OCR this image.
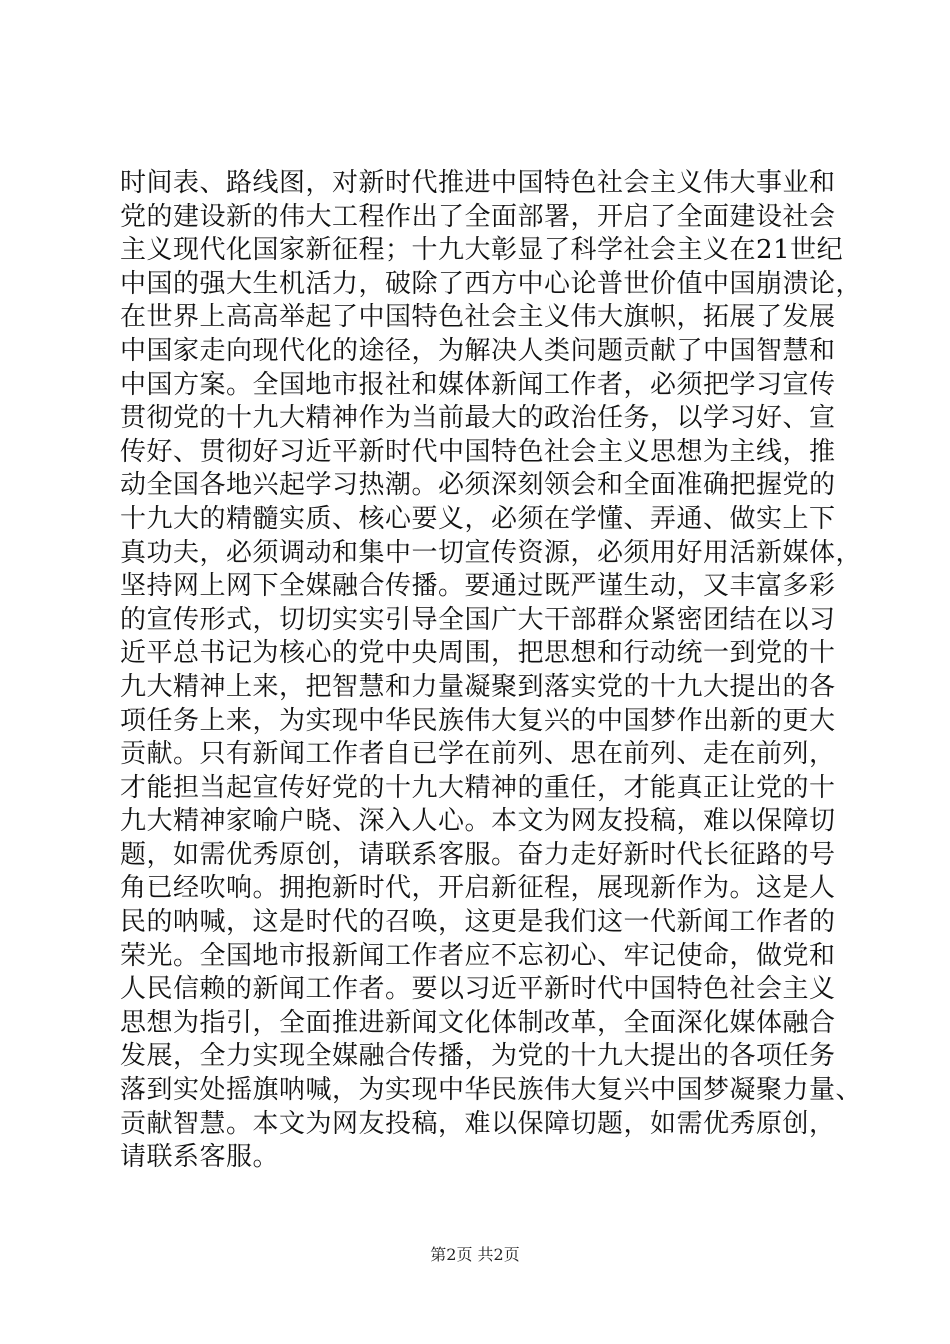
时间表、路线图，对新时代推进中国特色社会主义伟大事业和
党的建设新的伟大工程作出了全面部署，开启了全面建设社会
主义现代化国家新征程；十九大彰显了科学社会主义在21世纪
中国的强大生机活力，破除了西方中心论普世价值中国崩溃论，
在世界上高高举起了中国特色社会主义伟大旗帜，拓展了发展
中国家走向现代化的途径，为解决人类问题贡献了中国智慧和
中国方案。全国地市报社和媒体新闻工作者，必须把学习宣传
贯彻党的十九大精神作为当前最大的政治任务，以学习好、宣
传好、贯彻好习近平新时代中国特色社会主义思想为主线，推
动全国各地兴起学习热潮。必须深刻领会和全面准确把握党的
十九大的精髓实质、核心要义，必须在学懂、弄通、做实上下
真功夫，必须调动和集中一切宣传资源，必须用好用活新媒体，
坚持网上网下全媒融合传播。要通过既严谨生动，又丰富多彩
的宣传形式，切切实实引导全国广大干部群众紧密团结在以习
近平总书记为核心的党中央周围，把思想和行动统一到党的十
九大精神上来，把智慧和力量凝聚到落实党的十九大提出的各
项任务上来，为实现中华民族伟大复兴的中国梦作出新的更大
贡献。只有新闻工作者自已学在前列、思在前列、走在前列，
才能担当起宣传好党的十九大精神的重任，才能真正让党的十
九大精神家喻户晓、深入人心。本文为网友投稿，难以保障切
题，如需优秀原创，请联系客服。奋力走好新时代长征路的号
角已经吹响。拥抱新时代，开启新征程，展现新作为。这是人
民的呐喊，这是时代的召唤，这更是我们这一代新闻工作者的
荣光。全国地市报新闻工作者应不忘初心、牢记使命，做党和
人民信赖的新闻工作者。要以习近平新时代中国特色社会主义
思想为指引，全面推进新闻文化体制改革，全面深化媒体融合
发展，全力实现全媒融合传播，为党的十九大提出的各项任务
落到实处摇旗呐喊，为实现中华民族伟大复兴中国梦凝聚力量、
贡献智慧。本文为网友投稿，难以保障切题，如需优秀原创，
请联系客服。
第2页 共2页
